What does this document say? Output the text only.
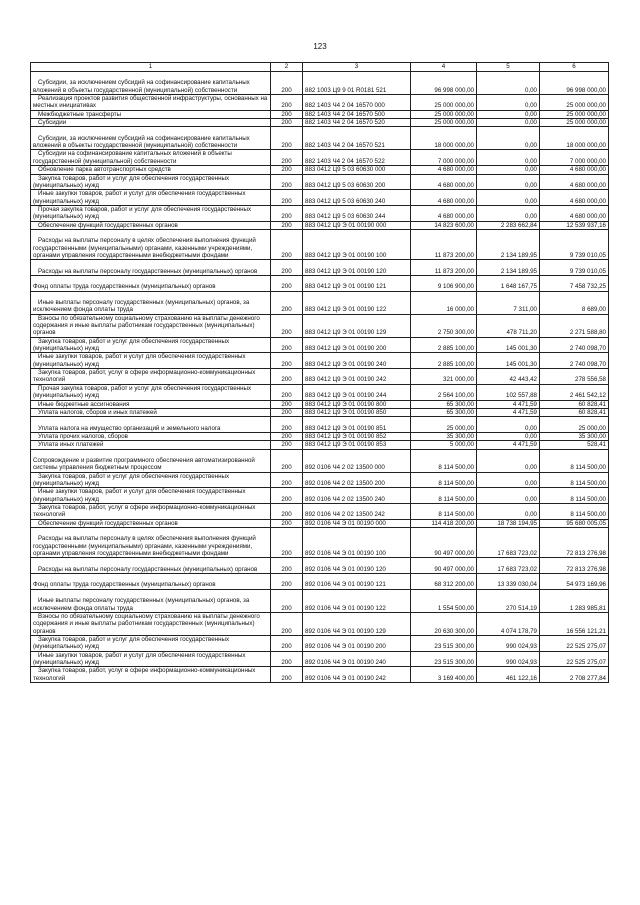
123
1	2	3	4	5	6
Субсидии, за исключением субсидий на софинансирование капитальных вложений в объекты государственной (муниципальной) собственности	200	882 1003 Ц9 9 01 R0181 521	96 998 000,00	0,00	96 998 000,00
Реализация проектов развития общественной инфраструктуры, основанных на местных инициативах	200	882 1403 Ч4 2 04 16570 000	25 000 000,00	0,00	25 000 000,00
Межбюджетные трансферты	200	882 1403 Ч4 2 04 16570 500	25 000 000,00	0,00	25 000 000,00
Субсидии	200	882 1403 Ч4 2 04 16570 520	25 000 000,00	0,00	25 000 000,00
Субсидии, за исключением субсидий на софинансирование капитальных вложений в объекты государственной (муниципальной) собственности	200	882 1403 Ч4 2 04 16570 521	18 000 000,00	0,00	18 000 000,00
Субсидии на софинансирование капитальных вложений в объекты государственной (муниципальной) собственности	200	882 1403 Ч4 2 04 16570 522	7 000 000,00	0,00	7 000 000,00
Обновление парка автотранспортных средств	200	883 0412 Ц9 5 03 60630 000	4 680 000,00	0,00	4 680 000,00
Закупка товаров, работ и услуг для обеспечения государственных (муниципальных) нужд	200	883 0412 Ц9 5 03 60630 200	4 680 000,00	0,00	4 680 000,00
Иные закупки товаров, работ и услуг для обеспечения государственных (муниципальных) нужд	200	883 0412 Ц9 5 03 60630 240	4 680 000,00	0,00	4 680 000,00
Прочая закупка товаров, работ и услуг для обеспечения государственных (муниципальных) нужд	200	883 0412 Ц9 5 03 60630 244	4 680 000,00	0,00	4 680 000,00
Обеспечение функций государственных органов	200	883 0412 Ц9 Э 01 00190 000	14 823 600,00	2 283 662,84	12 539 937,16
Расходы на выплаты персоналу в целях обеспечения выполнения функций государственными (муниципальными) органами, казенными учреждениями, органами управления государственными внебюджетными фондами	200	883 0412 Ц9 Э 01 00190 100	11 873 200,00	2 134 189,95	9 739 010,05
Расходы на выплаты персоналу государственных (муниципальных) органов	200	883 0412 Ц9 Э 01 00190 120	11 873 200,00	2 134 189,95	9 739 010,05
Фонд оплаты труда государственных (муниципальных) органов	200	883 0412 Ц9 Э 01 00190 121	9 106 900,00	1 648 167,75	7 458 732,25
Иные выплаты персоналу государственных (муниципальных) органов, за исключением фонда оплаты труда	200	883 0412 Ц9 Э 01 00190 122	16 000,00	7 311,00	8 689,00
Взносы по обязательному социальному страхованию на выплаты денежного содержания и иные выплаты работникам государственных (муниципальных) органов	200	883 0412 Ц9 Э 01 00190 129	2 750 300,00	478 711,20	2 271 588,80
Закупка товаров, работ и услуг для обеспечения государственных (муниципальных) нужд	200	883 0412 Ц9 Э 01 00190 200	2 885 100,00	145 001,30	2 740 098,70
Иные закупки товаров, работ и услуг для обеспечения государственных (муниципальных) нужд	200	883 0412 Ц9 Э 01 00190 240	2 885 100,00	145 001,30	2 740 098,70
Закупка товаров, работ, услуг в сфере информационно-коммуникационных технологий	200	883 0412 Ц9 Э 01 00190 242	321 000,00	42 443,42	278 556,58
Прочая закупка товаров, работ и услуг для обеспечения государственных (муниципальных) нужд	200	883 0412 Ц9 Э 01 00190 244	2 564 100,00	102 557,88	2 461 542,12
Иные бюджетные ассигнования	200	883 0412 Ц9 Э 01 00190 800	65 300,00	4 471,59	60 828,41
Уплата налогов, сборов и иных платежей	200	883 0412 Ц9 Э 01 00190 850	65 300,00	4 471,59	60 828,41
Уплата налога на имущество организаций и земельного налога	200	883 0412 Ц9 Э 01 00190 851	25 000,00	0,00	25 000,00
Уплата прочих налогов, сборов	200	883 0412 Ц9 Э 01 00190 852	35 300,00	0,00	35 300,00
Уплата иных платежей	200	883 0412 Ц9 Э 01 00190 853	5 000,00	4 471,59	528,41
Сопровождение и развитие программного обеспечения автоматизированной системы управления бюджетным процессом	200	892 0106 Ч4 2 02 13500 000	8 114 500,00	0,00	8 114 500,00
Закупка товаров, работ и услуг для обеспечения государственных (муниципальных) нужд	200	892 0106 Ч4 2 02 13500 200	8 114 500,00	0,00	8 114 500,00
Иные закупки товаров, работ и услуг для обеспечения государственных (муниципальных) нужд	200	892 0106 Ч4 2 02 13500 240	8 114 500,00	0,00	8 114 500,00
Закупка товаров, работ, услуг в сфере информационно-коммуникационных технологий	200	892 0106 Ч4 2 02 13500 242	8 114 500,00	0,00	8 114 500,00
Обеспечение функций государственных органов	200	892 0106 Ч4 Э 01 00190 000	114 418 200,00	18 738 194,95	95 680 005,05
Расходы на выплаты персоналу в целях обеспечения выполнения функций государственными (муниципальными) органами, казенными учреждениями, органами управления государственными внебюджетными фондами	200	892 0106 Ч4 Э 01 00190 100	90 497 000,00	17 683 723,02	72 813 276,98
Расходы на выплаты персоналу государственных (муниципальных) органов	200	892 0106 Ч4 Э 01 00190 120	90 497 000,00	17 683 723,02	72 813 276,98
Фонд оплаты труда государственных (муниципальных) органов	200	892 0106 Ч4 Э 01 00190 121	68 312 200,00	13 339 030,04	54 973 169,96
Иные выплаты персоналу государственных (муниципальных) органов, за исключением фонда оплаты труда	200	892 0106 Ч4 Э 01 00190 122	1 554 500,00	270 514,19	1 283 985,81
Взносы по обязательному социальному страхованию на выплаты денежного содержания и иные выплаты работникам государственных (муниципальных) органов	200	892 0106 Ч4 Э 01 00190 129	20 630 300,00	4 074 178,79	16 556 121,21
Закупка товаров, работ и услуг для обеспечения государственных (муниципальных) нужд	200	892 0106 Ч4 Э 01 00190 200	23 515 300,00	990 024,93	22 525 275,07
Иные закупки товаров, работ и услуг для обеспечения государственных (муниципальных) нужд	200	892 0106 Ч4 Э 01 00190 240	23 515 300,00	990 024,93	22 525 275,07
Закупка товаров, работ, услуг в сфере информационно-коммуникационных технологий	200	892 0106 Ч4 Э 01 00190 242	3 169 400,00	461 122,16	2 708 277,84
